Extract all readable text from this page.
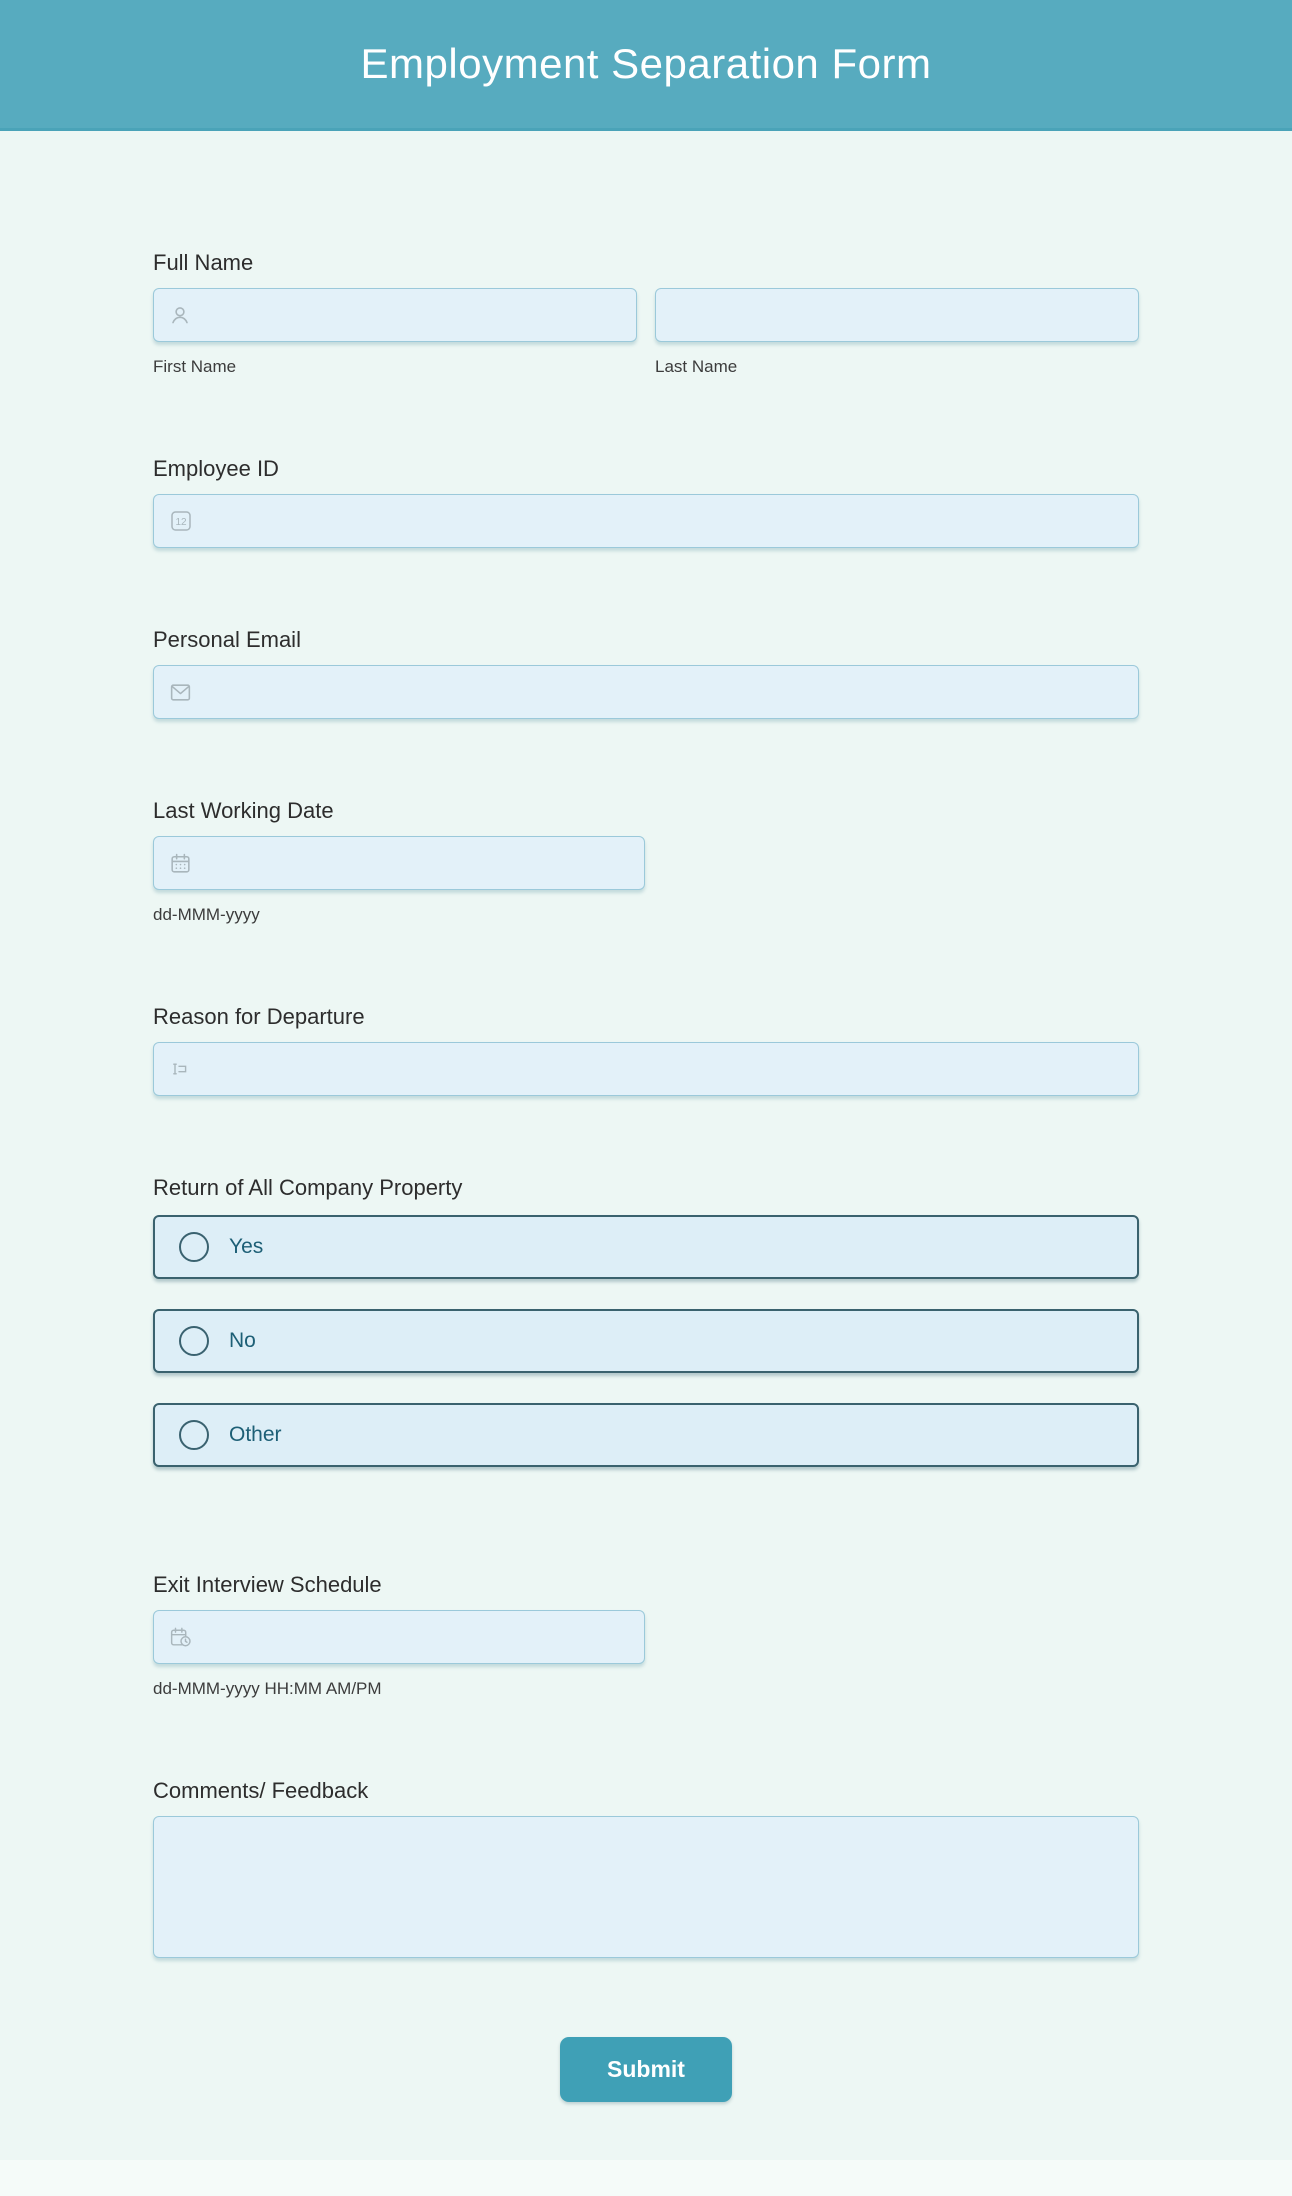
Employment Separation Form
Full Name
First Name	Last Name
Employee ID
12
Personal Email
Last Working Date
dd-MMM-yyyy
Reason for Departure
Return of All Company Property
Yes
No
Other
Exit Interview Schedule
dd-MMM-yyyy HH:MM AM/PM
Comments/ Feedback
Submit
